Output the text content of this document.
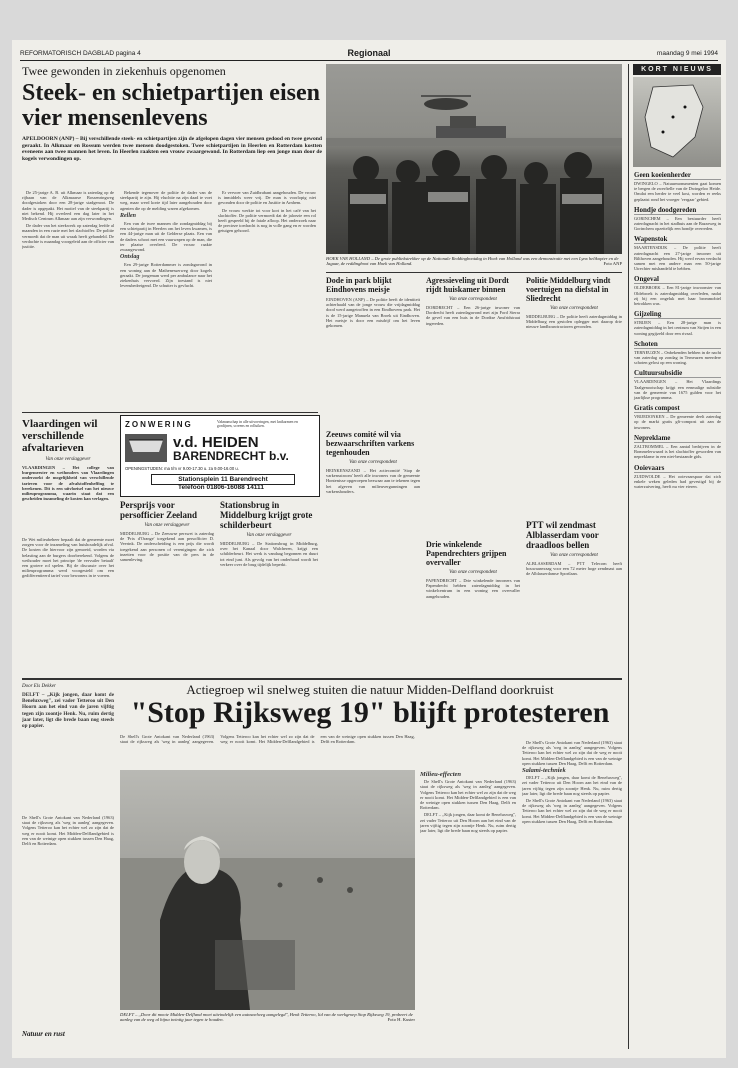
REFORMATORISCH DAGBLAD pagina 4	Regionaal	maandag 9 mei 1994
Twee gewonden in ziekenhuis opgenomen
Steek- en schietpartijen eisen vier mensenlevens
APELDOORN (ANP) – Bij verschillende steek- en schietpartijen zijn de afgelopen dagen vier mensen gedood en twee gewond geraakt. In Alkmaar en Rossum werden twee mensen doodgestoken. Twee schietpartijen in Heerlen en Rotterdam kostten eveneens aan twee mannen het leven. In Heerlen raakten een vrouw zwaargewond. In Rotterdam liep een jonge man door de kogels verwondingen op.

De 25-jarige A. B. uit Alkmaar is zaterdag op de rijbaan van de Alkmaarse Bossenringweg doodgestoken door een 28-jarige stadgenoot. De dader is opgepakt. Het motief van de steekpartij is niet bekend. Hij overleed een dag later in het Medisch Centrum Alkmaar aan zijn verwondingen.

De dader van het steekwerk op zaterdag leefde al maanden in een ruzie met het slachtoffer. De politie vermoedt dat de man uit wraak heeft gehandeld. De verdachte is maandag voorgeleid aan de officier van justitie.

Bekende tegenover de politie de dader van de steekpartij te zijn. Hij vluchtte na zijn daad te voet weg, maar werd korte tijd later aangehouden door agenten die op de melding waren afgekomen.

Rellen

Een van de twee mannen die zondagmiddag bij een schietpartij in Heerlen om het leven kwamen, is een 44-jarige man uit de Gelderse plaats. Een van de daders schoot met een vuurwapen op de man, die ter plaatse overleed. De vrouw raakte zwaargewond.

Ontslag

Een 29-jarige Rotterdammer is zondagavond in een woning aan de Mathenesserweg door kogels geraakt. De jongeman werd per ambulance naar het ziekenhuis vervoerd. Zijn toestand is niet levensbedreigend. De schutter is gevlucht.

Er vervoer van Zuidbrabant aangehouden. De vrouw is inmiddels weer vrij. De man is voorlopig niet gevonden door de politie en Justitie in Arnhem.

De vrouw werkte tot voor kort in het café van het slachtoffer. De politie vermoedt dat de jaloezie een rol heeft gespeeld bij de fatale afloop. Het onderzoek naar de precieze toedracht is nog in volle gang en er worden getuigen gehoord.

HOEK VAN HOLLAND – De grote publiekstrekker op de Nationale Reddingbootdag in Hoek van Holland was een demonstratie met een Lynx helikopter en de Jaguar, de reddingboot van Hoek van Holland.	Foto ANP
Dode in park blijkt Eindhovens meisje
EINDHOVEN (ANP) – De politie heeft de identiteit achterhaald van de jonge vrouw die vrijdagmiddag dood werd aangetroffen in een Eindhovens park. Het is de 15-jarige Manuela van Broek uit Eindhoven. Het meisje is door een misdrijf om het leven gekomen.
Zeeuws comité wil via bezwaarschriften varkens tegenhouden
Van onze correspondent
HEINKENSZAND – Het actiecomité 'Stop de varkensstroom' heeft alle inwoners van de gemeente Hontenisse opgeroepen bezwaar aan te tekenen tegen het afgeven van milieuvergunningen aan varkenshouders.
Agressieveling uit Dordt rijdt huiskamer binnen
Van onze correspondent
DORDRECHT – Een 26-jarige inwoner van Dordrecht heeft zaterdagavond met zijn Ford Sierra de gevel van een huis in de Dordtse Ansfridstraat ingereden.
Drie winkelende Papendrechters grijpen overvaller
Van onze correspondent
PAPENDRECHT – Drie winkelende inwoners van Papendrecht hebben zaterdagmiddag in het winkelcentrum in een woning een overvaller aangehouden.
Politie Middelburg vindt voertuigen na diefstal in Sliedrecht
Van onze correspondent
MIDDELBURG – De politie heeft zaterdagmiddag in Middelburg een gestolen oplegger met daarop drie nieuwe landbouwtractoren gevonden.
PTT wil zendmast Alblasserdam voor draadloos bellen
Van onze correspondent
ALBLASSERDAM – PTT Telecom heeft bouwaanvraag voor een 72 meter hoge zendmast aan de Alblasserdamse Sportlaan.
Vlaardingen wil verschillende afvaltarieven
Van onze verslaggever
VLAARDINGEN – Het college van burgemeester en wethouders van Vlaardingen onderzoekt de mogelijkheid van verschillende tarieven voor de afvalstoffenheffing te berekenen. Dit is een uitvloeisel van het nieuwe milieuprogramma, waarin staat dat een gescheiden inzameling de kosten kan verlagen.
De Wet milieubeheer bepaalt dat de gemeente moet zorgen voor de inzameling van huishoudelijk afval. De kosten die hiervoor zijn gemoeid, worden via belasting aan de burgers doorberekend. Volgens de wethouder moet het principe 'de vervuiler betaalt' een grotere rol spelen. Bij de discussie over het milieuprogramma werd voorgesteld om een gedifferentieerd tarief voor bewoners in te voeren.
ZONWERING	Vakmanschap in alle uitvoeringen, met knikarmen en gordijnen, screens en rolluiken.
v.d. HEIDEN
BARENDRECHT b.v.
OPENINGSTIJDEN: ma t/m vr 9.00-17.30 u. za 9.00-16.00 u.
Stationsplein 11 Barendrecht
Telefoon 01806-16088 14111
Persprijs voor persofficier Zeeland
Van onze verslaggever
MIDDELBURG – De Zeeuwse perswet is zaterdag de 'Prix d'Orange' toegekend aan persofficier D. Veerink. De onderscheiding is een prijs die wordt toegekend aan personen of verenigingen die zich inzetten voor de positie van de pers in de samenleving.
Stationsbrug in Middelburg krijgt grote schilderbeurt
Van onze verslaggever
MIDDELBURG – De Stationsbrug in Middelburg, over het Kanaal door Walcheren, krijgt een schilderbeurt. Het werk is vandaag begonnen en duurt tot eind juni. Als gevolg van het onderhoud wordt het verkeer over de brug tijdelijk beperkt.
Door Els Dekker
DELFT – ,,Kijk jongen, daar komt de Beneluxweg'', zei vader Tetteroo uit Den Hoorn aan het eind van de jaren vijftig tegen zijn zoontje Henk. Nu, ruim dertig jaar later, ligt die brede baan nog steeds op papier.
De Shell's Grote Antokant van Nederland (1963) staat de rijksweg als 'weg in aanleg' aangegeven. Volgens Tetteroo kan het echter wel zo zijn dat de weg er nooit komt. Het Midden-Delflandgebied is een van de weinige open stukken tussen Den Haag, Delft en Rotterdam.
Natuur en rust
Actiegroep wil snelweg stuiten die natuur Midden-Delfland doorkruist
"Stop Rijksweg 19" blijft protesteren
De Shell's Grote Antokant van Nederland (1963) staat de rijksweg als 'weg in aanleg' aangegeven. Volgens Tetteroo kan het echter wel zo zijn dat de weg er nooit komt. Het Midden-Delflandgebied is een van de weinige open stukken tussen Den Haag, Delft en Rotterdam.
DELFT – ,,Door dit mooie Midden-Delfland moet uiteindelijk een autosnelweg aangelegd'', Henk Tetteroo, lid van de werkgroep Stop Rijksweg 19, probeert de aanleg van de weg al bijna twintig jaar tegen te houden.	Foto H. Kuster
Milieu-effecten

De Shell's Grote Antokant van Nederland (1963) staat de rijksweg als 'weg in aanleg' aangegeven. Volgens Tetteroo kan het echter wel zo zijn dat de weg er nooit komt. Het Midden-Delflandgebied is een van de weinige open stukken tussen Den Haag, Delft en Rotterdam.

DELFT – ,,Kijk jongen, daar komt de Beneluxweg'', zei vader Tetteroo uit Den Hoorn aan het eind van de jaren vijftig tegen zijn zoontje Henk. Nu, ruim dertig jaar later, ligt die brede baan nog steeds op papier.

De Shell's Grote Antokant van Nederland (1963) staat de rijksweg als 'weg in aanleg' aangegeven. Volgens Tetteroo kan het echter wel zo zijn dat de weg er nooit komt. Het Midden-Delflandgebied is een van de weinige open stukken tussen Den Haag, Delft en Rotterdam.

Salami-techniek

DELFT – ,,Kijk jongen, daar komt de Beneluxweg'', zei vader Tetteroo uit Den Hoorn aan het eind van de jaren vijftig tegen zijn zoontje Henk. Nu, ruim dertig jaar later, ligt die brede baan nog steeds op papier.

De Shell's Grote Antokant van Nederland (1963) staat de rijksweg als 'weg in aanleg' aangegeven. Volgens Tetteroo kan het echter wel zo zijn dat de weg er nooit komt. Het Midden-Delflandgebied is een van de weinige open stukken tussen Den Haag, Delft en Rotterdam.

KORT NIEUWS
Geen koeienherder
DWINGELO – Natuurmonumenten gaat komen te bergen de zwerftelle van de Dwingeloo Heide. Omdat een herder te veel kost, worden er reeks geplaatst rond het vroeger 'vergaar' gebied.
Hondje doodgereden
GORINCHEM – Een bestuurder heeft zaterdagnacht in het stadhuis aan de Bazarweg in Gorinchem opzettelijk een hondje overreden.
Wapenstok
MAARTENSDIJK – De politie heeft zaterdagnacht een 27-jarige inwoner uit Bilthoven aangehouden. Hij werd ervan verdacht samen met een andere man een 50-jarige Utrechter mishandeld te hebben.
Ongeval
OLDEBROEK – Een 81-jarige inwoonster van Oldebroek is zaterdagmiddag overleden, nadat zij bij een ongeluk met haar brommobiel betrokken was.
Gijzeling
STRIJEN – Een 28-jarige man is zaterdagmiddag in het centrum van Strijen in een woning gegijzeld door een rivaal.
Schoten
TERNEUZEN – Onbekenden hebben in de nacht van zaterdag op zondag in Terneuzen meerdere schoten gelost op een woning.
Cultuursubsidie
VLAARDINGEN – Het Vlaardings Taalgenootschap krijgt een eenmalige subsidie van de gemeente van 1675 gulden voor het jaarlijkse programma.
Gratis compost
VRIJEDONKEN – De gemeente deelt zaterdag op de markt gratis gft-compost uit aan de inwoners.
Nepreklame
ZALTBOMMEL – Een aantal bedrijven in de Bommelerwaard is het slachtoffer geworden van nepreklame in een niet-bestaande gids.
Ooievaars
ZUIDWOLDE – Het ooievaarspaar dat zich enkele weken geleden had gevestigd bij de waterzuivering, heeft nu vier eieren.
